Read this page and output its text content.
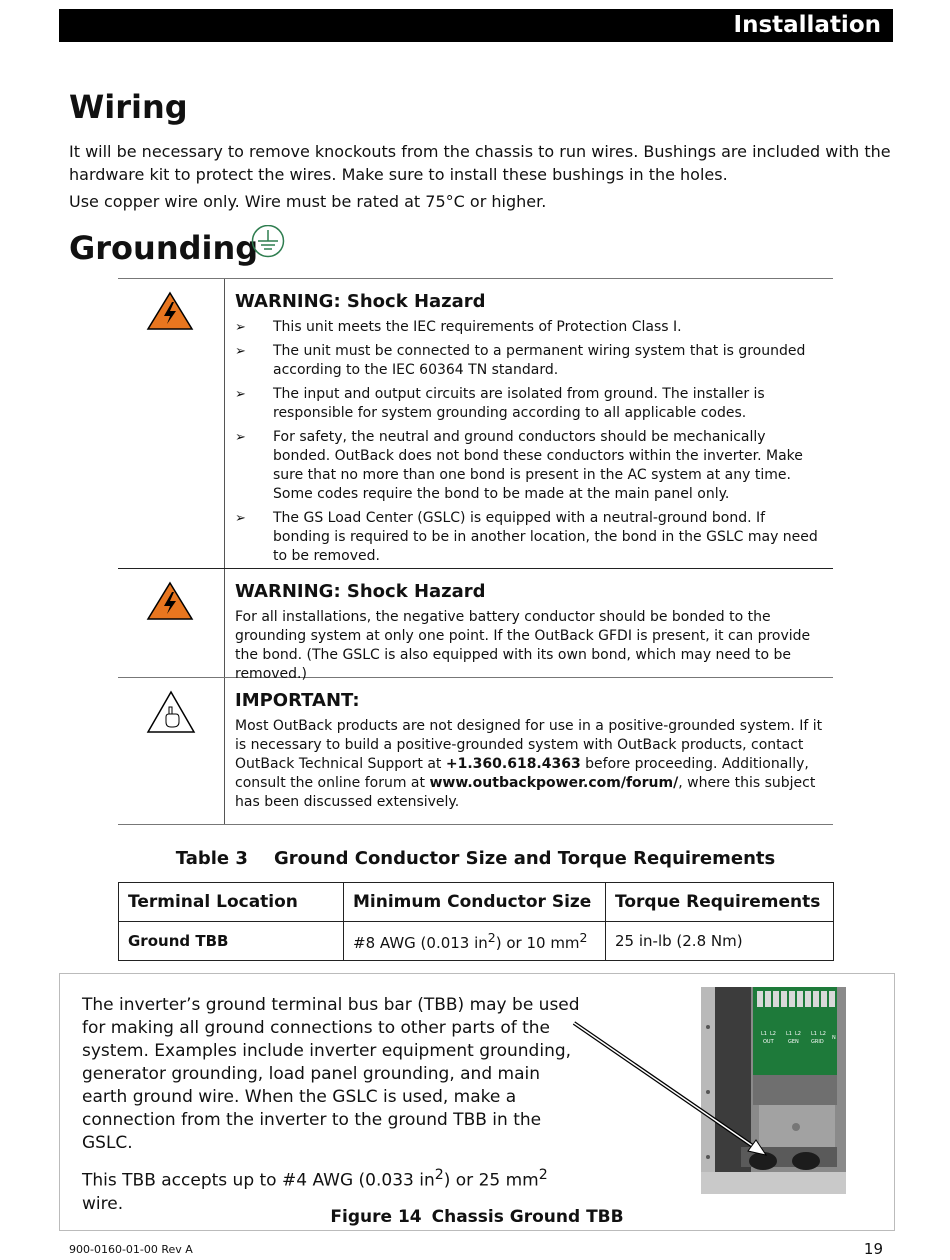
Installation
Wiring

It will be necessary to remove knockouts from the chassis to run wires. Bushings are included with the hardware kit to protect the wires. Make sure to install these bushings in the holes.

Use copper wire only. Wire must be rated at 75°C or higher.

Grounding
WARNING: Shock Hazard
➢ This unit meets the IEC requirements of Protection Class I.
➢ The unit must be connected to a permanent wiring system that is grounded according to the IEC 60364 TN standard.
➢ The input and output circuits are isolated from ground. The installer is responsible for system grounding according to all applicable codes.
➢ For safety, the neutral and ground conductors should be mechanically bonded. OutBack does not bond these conductors within the inverter. Make sure that no more than one bond is present in the AC system at any time. Some codes require the bond to be made at the main panel only.
➢ The GS Load Center (GSLC) is equipped with a neutral-ground bond. If bonding is required to be in another location, the bond in the GSLC may need to be removed.
WARNING: Shock Hazard

For all installations, the negative battery conductor should be bonded to the grounding system at only one point. If the OutBack GFDI is present, it can provide the bond. (The GSLC is also equipped with its own bond, which may need to be removed.)

IMPORTANT:

Most OutBack products are not designed for use in a positive-grounded system. If it is necessary to build a positive-grounded system with OutBack products, contact OutBack Technical Support at +1.360.618.4363 before proceeding. Additionally, consult the online forum at www.outbackpower.com/forum/, where this subject has been discussed extensively.

Table 3 Ground Conductor Size and Torque Requirements
Terminal Location	Minimum Conductor Size	Torque Requirements
Ground TBB	#8 AWG (0.013 $in^2$) or 10 $mm^2$	25 in-lb (2.8 Nm)

The inverter’s ground terminal bus bar (TBB) may be used for making all ground connections to other parts of the system. Examples include inverter equipment grounding, generator grounding, load panel grounding, and main earth ground wire. When the GSLC is used, make a connection from the inverter to the ground TBB in the GSLC.

This TBB accepts up to #4 AWG (0.033 $in^2$) or 25 $mm^2$ wire.

L1 L2
OUT
L1 L2
GEN
L1 L2
GRID
N
Figure 14 Chassis Ground TBB
900-0160-01-00 Rev A	19
